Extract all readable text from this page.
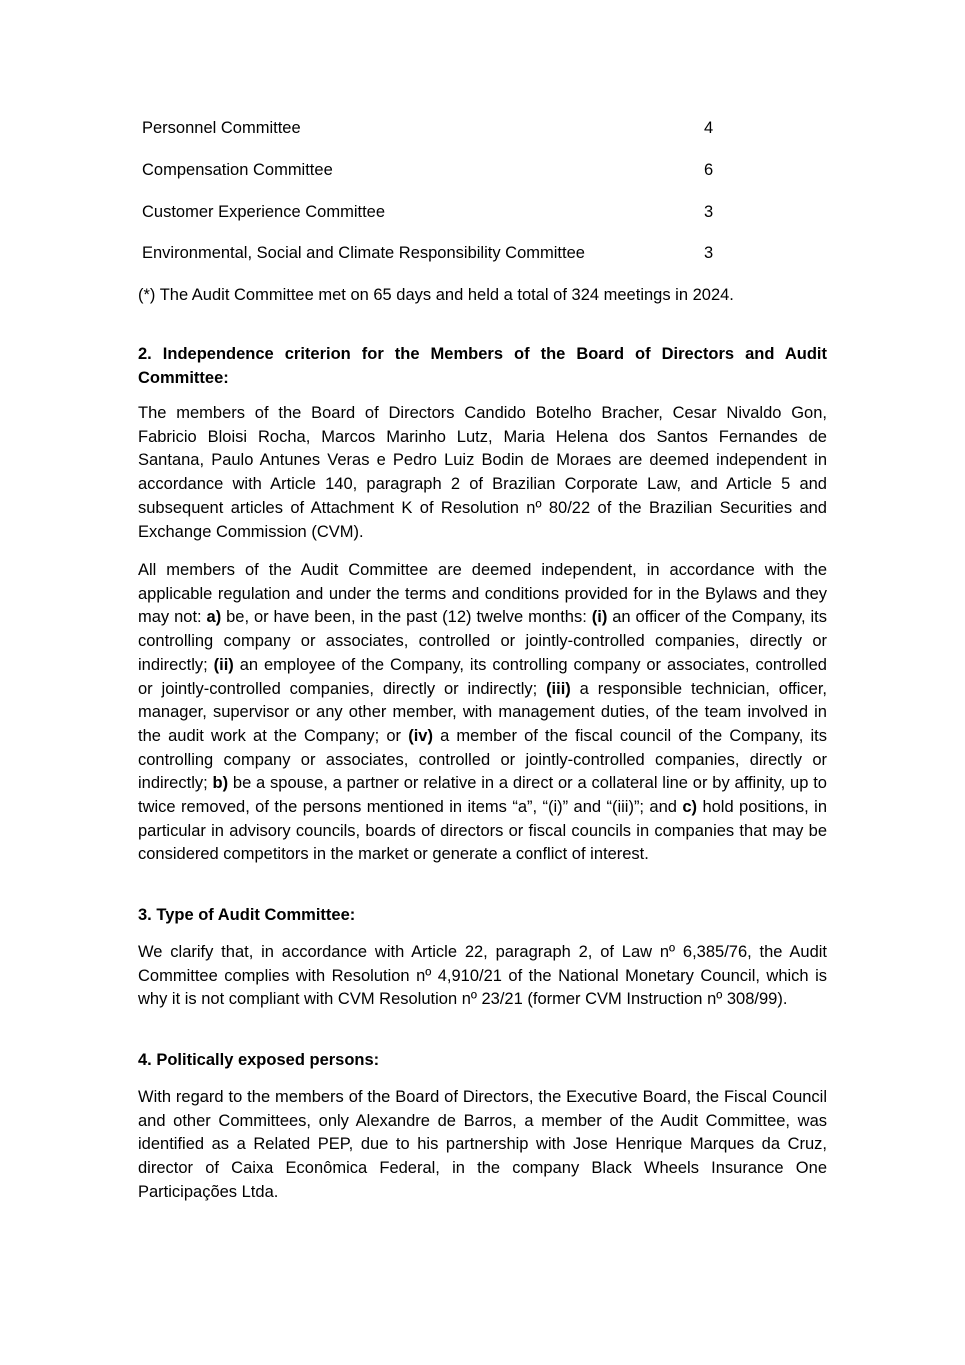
Personnel Committee	4
Compensation Committee	6
Customer Experience Committee	3
Environmental, Social and Climate Responsibility Committee	3
(*) The Audit Committee met on 65 days and held a total of 324 meetings in 2024.
2. Independence criterion for the Members of the Board of Directors and Audit Committee:

The members of the Board of Directors Candido Botelho Bracher, Cesar Nivaldo Gon, Fabricio Bloisi Rocha, Marcos Marinho Lutz, Maria Helena dos Santos Fernandes de Santana, Paulo Antunes Veras e Pedro Luiz Bodin de Moraes are deemed independent in accordance with Article 140, paragraph 2 of Brazilian Corporate Law, and Article 5 and subsequent articles of Attachment K of Resolution nº 80/22 of the Brazilian Securities and Exchange Commission (CVM).

All members of the Audit Committee are deemed independent, in accordance with the applicable regulation and under the terms and conditions provided for in the Bylaws and they may not: a) be, or have been, in the past (12) twelve months: (i) an officer of the Company, its controlling company or associates, controlled or jointly-controlled companies, directly or indirectly; (ii) an employee of the Company, its controlling company or associates, controlled or jointly-controlled companies, directly or indirectly; (iii) a responsible technician, officer, manager, supervisor or any other member, with management duties, of the team involved in the audit work at the Company; or (iv) a member of the fiscal council of the Company, its controlling company or associates, controlled or jointly-controlled companies, directly or indirectly; b) be a spouse, a partner or relative in a direct or a collateral line or by affinity, up to twice removed, of the persons mentioned in items “a”, “(i)” and “(iii)”; and c) hold positions, in particular in advisory councils, boards of directors or fiscal councils in companies that may be considered competitors in the market or generate a conflict of interest.

3. Type of Audit Committee:

We clarify that, in accordance with Article 22, paragraph 2, of Law nº 6,385/76, the Audit Committee complies with Resolution nº 4,910/21 of the National Monetary Council, which is why it is not compliant with CVM Resolution nº 23/21 (former CVM Instruction nº 308/99).

4. Politically exposed persons:

With regard to the members of the Board of Directors, the Executive Board, the Fiscal Council and other Committees, only Alexandre de Barros, a member of the Audit Committee, was identified as a Related PEP, due to his partnership with Jose Henrique Marques da Cruz, director of Caixa Econômica Federal, in the company Black Wheels Insurance One Participações Ltda.
